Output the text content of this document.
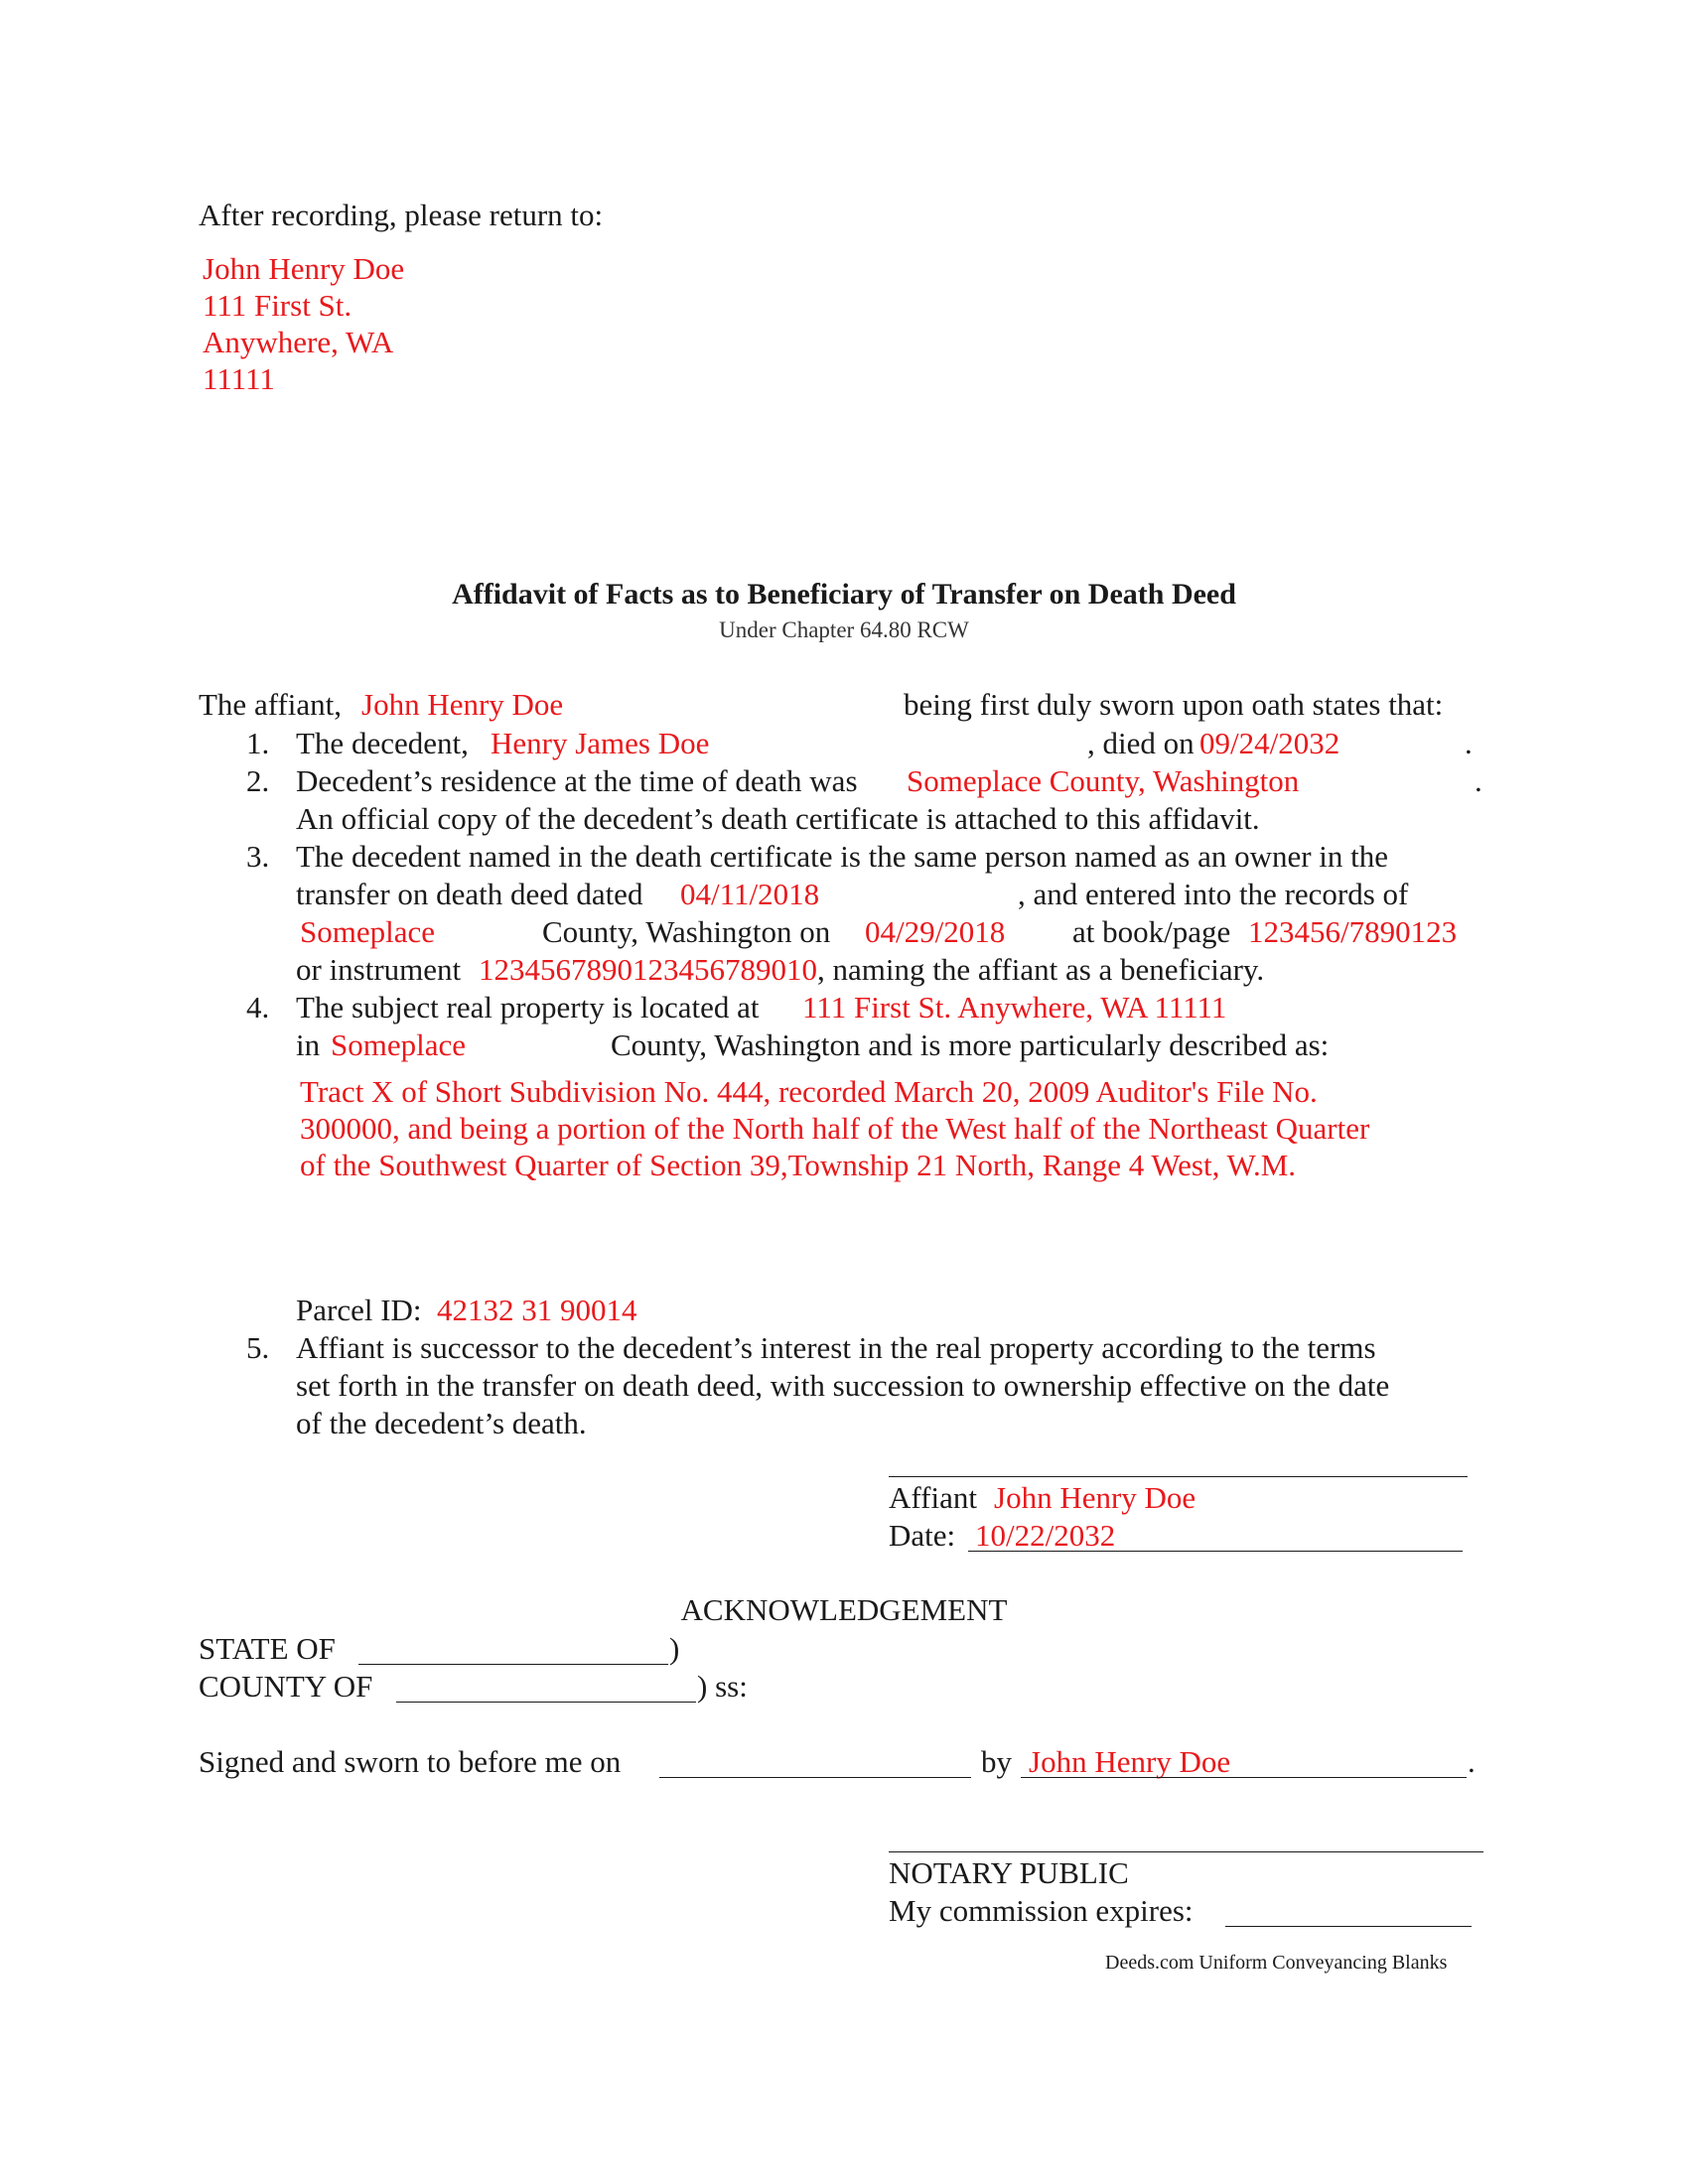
After recording, please return to:
John Henry Doe
111 First St.
Anywhere, WA
11111
Affidavit of Facts as to Beneficiary of Transfer on Death Deed
Under Chapter 64.80 RCW
The affiant, John Henry Doe	being first duly sworn upon oath states that:
1. The decedent, Henry James Doe	, died on 09/24/2032	.
2. Decedent’s residence at the time of death was Someplace County, Washington	.
An official copy of the decedent’s death certificate is attached to this affidavit.
3. The decedent named in the death certificate is the same person named as an owner in the
transfer on death deed dated 04/11/2018	, and entered into the records of
Someplace	County, Washington on 04/29/2018 at book/page 123456/7890123
or instrument 1234567890123456789010, naming the affiant as a beneficiary.
4. The subject real property is located at 111 First St. Anywhere, WA 11111
in Someplace	County, Washington and is more particularly described as:
Tract X of Short Subdivision No. 444, recorded March 20, 2009 Auditor's File No.
300000, and being a portion of the North half of the West half of the Northeast Quarter
of the Southwest Quarter of Section 39,Township 21 North, Range 4 West, W.M.
Parcel ID: 42132 31 90014
5. Affiant is successor to the decedent’s interest in the real property according to the terms
set forth in the transfer on death deed, with succession to ownership effective on the date
of the decedent’s death.
Affiant John Henry Doe
Date: 10/22/2032
ACKNOWLEDGEMENT
STATE OF	)
COUNTY OF	) ss:
Signed and sworn to before me on	by John Henry Doe	.
NOTARY PUBLIC
My commission expires:
Deeds.com Uniform Conveyancing Blanks
